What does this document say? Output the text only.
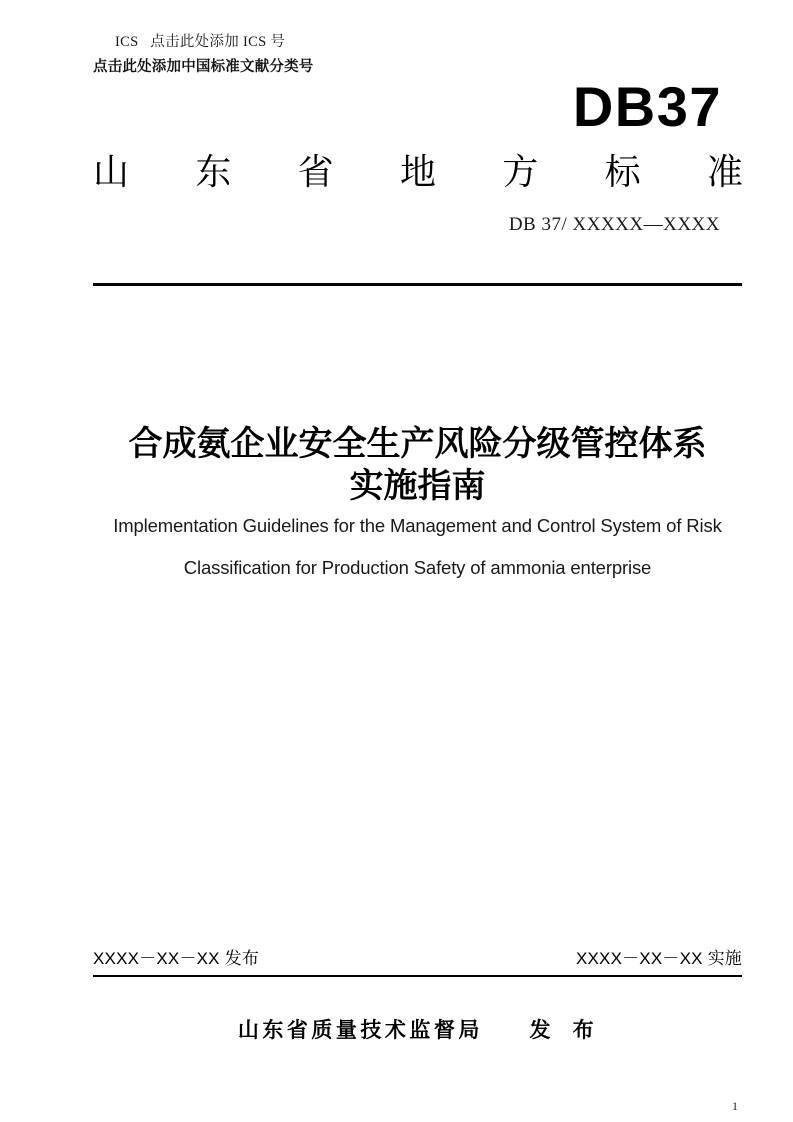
ICS   点击此处添加 ICS 号
点击此处添加中国标准文献分类号
DB37
山 东 省 地 方 标 准
DB 37/ XXXXX—XXXX
合成氨企业安全生产风险分级管控体系
实施指南
Implementation Guidelines for the Management and Control System of Risk
Classification for Production Safety of ammonia enterprise
XXXX－XX－XX 发布	XXXX－XX－XX 实施
山东省质量技术监督局     发  布
1
